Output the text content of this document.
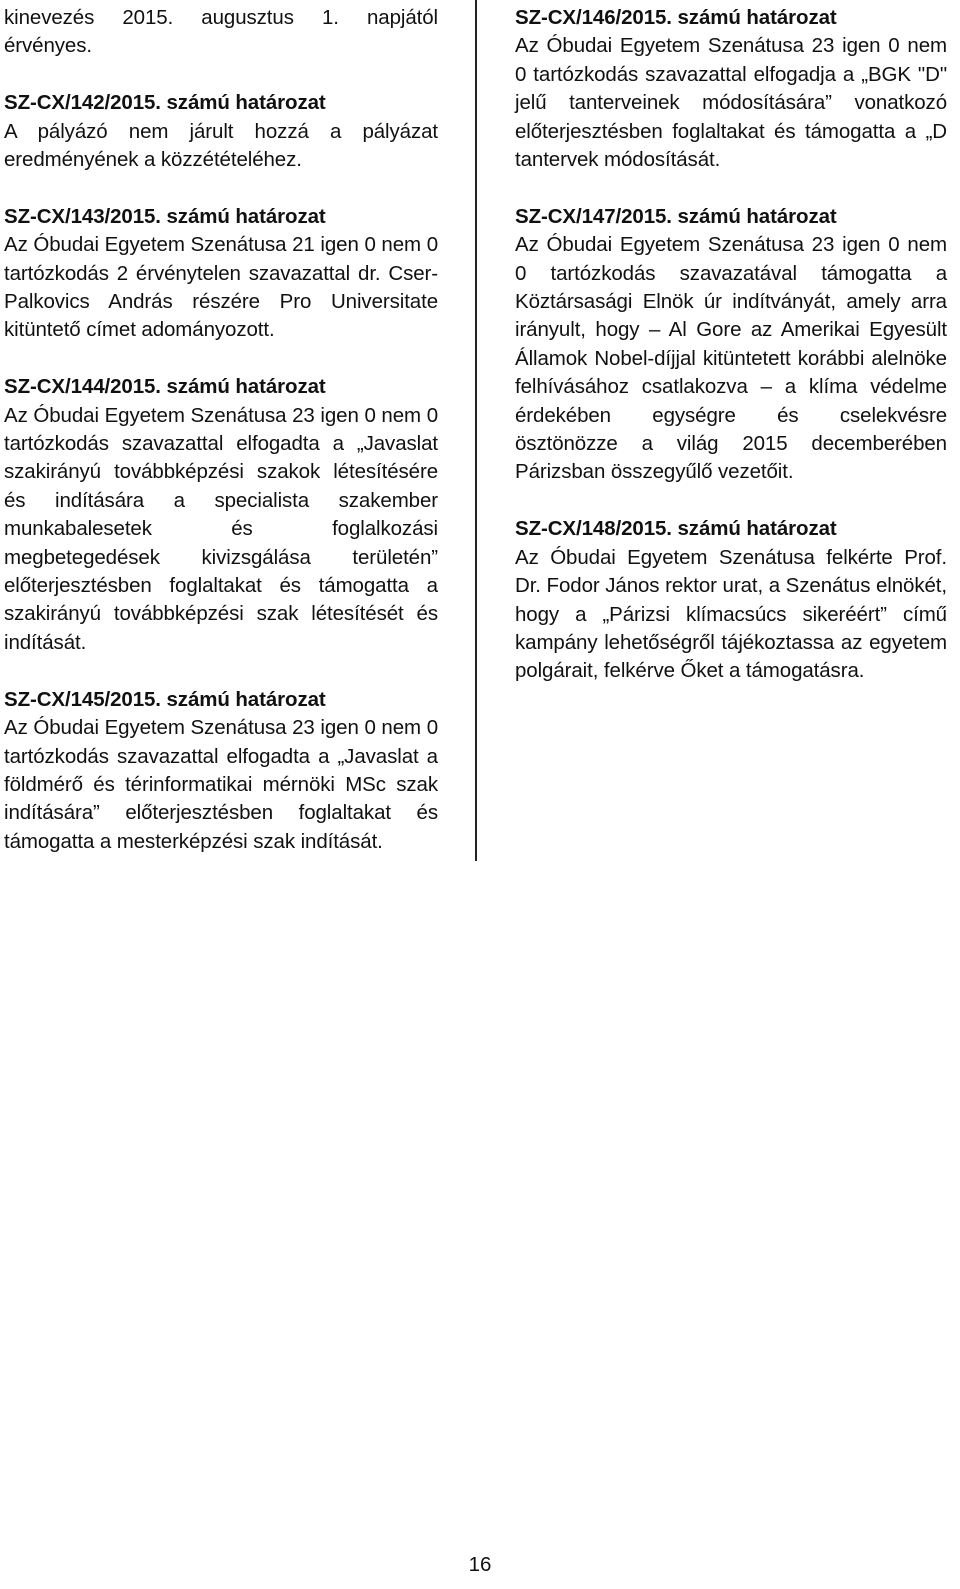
kinevezés 2015. augusztus 1. napjától érvényes.

SZ-CX/142/2015. számú határozat

A pályázó nem járult hozzá a pályázat eredményének a közzétételéhez.

SZ-CX/143/2015. számú határozat

Az Óbudai Egyetem Szenátusa 21 igen 0 nem 0 tartózkodás 2 érvénytelen szavazattal dr. Cser-Palkovics András részére Pro Universitate kitüntető címet adományozott.

SZ-CX/144/2015. számú határozat

Az Óbudai Egyetem Szenátusa 23 igen 0 nem 0 tartózkodás szavazattal elfogadta a „Javaslat szakirányú továbbképzési szakok létesítésére és indítására a specialista szakember munkabalesetek és foglalkozási megbetegedések kivizsgálása területén” előterjesztésben foglaltakat és támogatta a szakirányú továbbképzési szak létesítését és indítását.

SZ-CX/145/2015. számú határozat

Az Óbudai Egyetem Szenátusa 23 igen 0 nem 0 tartózkodás szavazattal elfogadta a „Javaslat a földmérő és térinformatikai mérnöki MSc szak indítására” előterjesztésben foglaltakat és támogatta a mesterképzési szak indítását.

SZ-CX/146/2015. számú határozat

Az Óbudai Egyetem Szenátusa 23 igen 0 nem 0 tartózkodás szavazattal elfogadja a „BGK "D" jelű tanterveinek módosítására” vonatkozó előterjesztésben foglaltakat és támogatta a „D tantervek módosítását.

SZ-CX/147/2015. számú határozat

Az Óbudai Egyetem Szenátusa 23 igen 0 nem 0 tartózkodás szavazatával támogatta a Köztársasági Elnök úr indítványát, amely arra irányult, hogy – Al Gore az Amerikai Egyesült Államok Nobel-díjjal kitüntetett korábbi alelnöke felhívásához csatlakozva – a klíma védelme érdekében egységre és cselekvésre ösztönözze a világ 2015 decemberében Párizsban összegyűlő vezetőit.

SZ-CX/148/2015. számú határozat

Az Óbudai Egyetem Szenátusa felkérte Prof. Dr. Fodor János rektor urat, a Szenátus elnökét, hogy a „Párizsi klímacsúcs sikeréért” című kampány lehetőségről tájékoztassa az egyetem polgárait, felkérve Őket a támogatásra.

16
